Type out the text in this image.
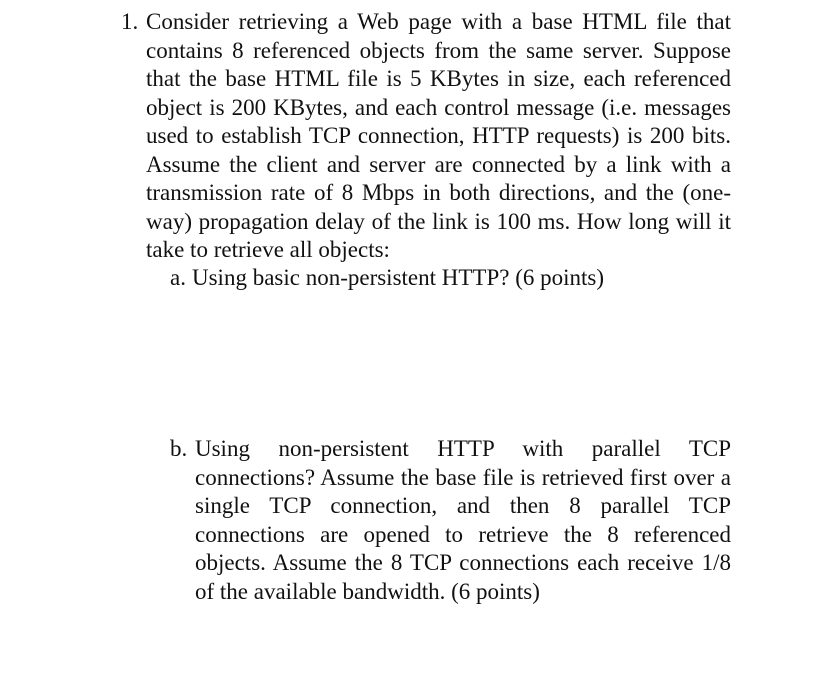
1. Consider retrieving a Web page with a base HTML file that contains 8 referenced objects from the same server. Suppose that the base HTML file is 5 KBytes in size, each referenced object is 200 KBytes, and each control message (i.e. messages used to establish TCP connection, HTTP requests) is 200 bits. Assume the client and server are connected by a link with a transmission rate of 8 Mbps in both directions, and the (one-way) propagation delay of the link is 100 ms. How long will it take to retrieve all objects:
a. Using basic non-persistent HTTP? (6 points)
b. Using non-persistent HTTP with parallel TCP connections? Assume the base file is retrieved first over a single TCP connection, and then 8 parallel TCP connections are opened to retrieve the 8 referenced objects. Assume the 8 TCP connections each receive 1/8 of the available bandwidth. (6 points)
